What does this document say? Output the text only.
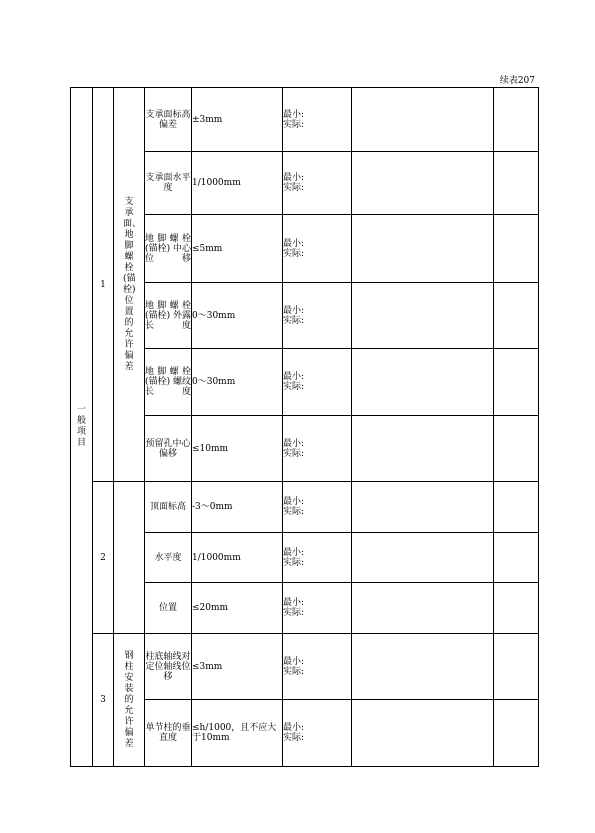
续表207
一般项目	1	支承面、地脚螺栓(锚栓)位置的允许偏差	支承面标高偏差	±3mm	最小:
实际:		

			支承面水平度	1/1000mm	最小:
实际:		

			地脚螺栓(锚栓) 中心位移	≤5mm	最小:
实际:		

			地脚螺栓(锚栓) 外露长度	0～30mm	最小:
实际:		

			地脚螺栓(锚栓) 螺纹长度	0～30mm	最小:
实际:		

			预留孔中心偏移	≤10mm	最小:
实际:		

	2		顶面标高	-3～0mm	最小:
实际:		

			水平度	1/1000mm	最小:
实际:		

			位置	≤20mm	最小:
实际:		

	3	钢柱安装的允许偏差	柱底轴线对定位轴线位移	≤3mm	最小:
实际:		

			单节柱的垂直度	≤h/1000，且不应大于10mm	最小:
实际:		
